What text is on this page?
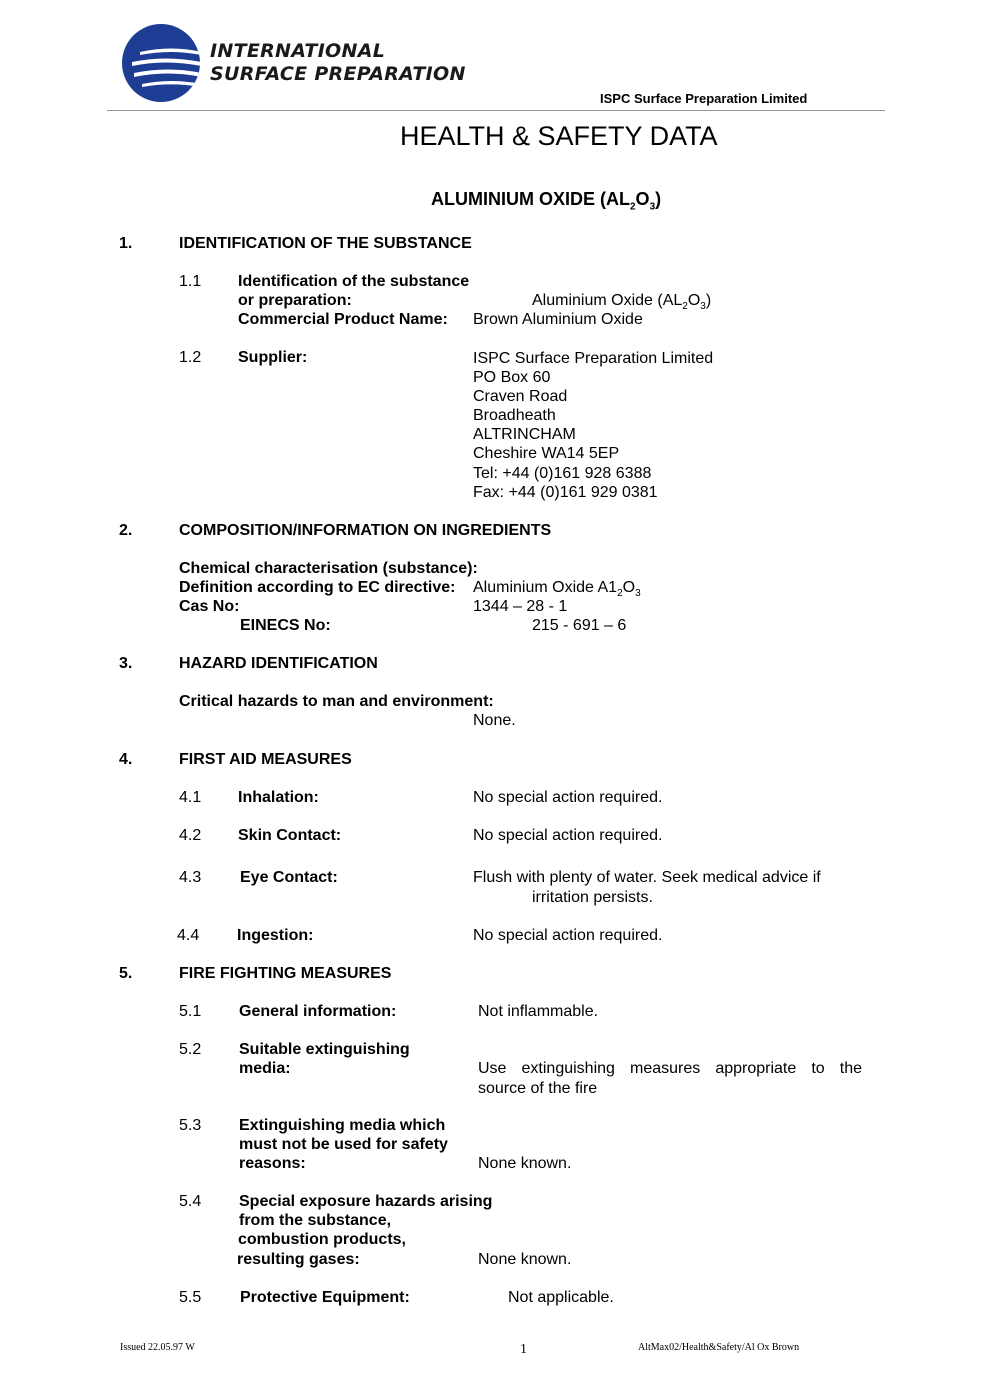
INTERNATIONAL
SURFACE PREPARATION
ISPC Surface Preparation Limited
HEALTH & SAFETY DATA
ALUMINIUM OXIDE $(AL_2O_3)$
1.	IDENTIFICATION OF THE SUBSTANCE
1.1 Identification of the substance
or preparation:	Aluminium Oxide $(AL_2O_3)$
Commercial Product Name: Brown Aluminium Oxide
1.2 Supplier:	ISPC Surface Preparation Limited
PO Box 60
Craven Road
Broadheath
ALTRINCHAM
Cheshire WA14 5EP
Tel: +44 (0)161 928 6388
Fax: +44 (0)161 929 0381
2.	COMPOSITION/INFORMATION ON INGREDIENTS
Chemical characterisation (substance):
Definition according to EC directive: Aluminium Oxide $A1_2O_3$
Cas No:	1344 – 28 - 1
EINECS No:	215 - 691 – 6
3.	HAZARD IDENTIFICATION
Critical hazards to man and environment:
None.
4.	FIRST AID MEASURES
4.1 Inhalation:	No special action required.
4.2 Skin Contact:	No special action required.
4.3 Eye Contact:	Flush with plenty of water. Seek medical advice if
irritation persists.
4.4 Ingestion:	No special action required.
5.	FIRE FIGHTING MEASURES
5.1 General information:	Not inflammable.
5.2 Suitable extinguishing
media:	Use extinguishing measures appropriate to the
source of the fire
5.3 Extinguishing media which
must not be used for safety
reasons:	None known.
5.4 Special exposure hazards arising
from the substance,
combustion products,
resulting gases:	None known.
5.5 Protective Equipment:	Not applicable.
Issued 22.05.97 W	1	AltMax02/Health&Safety/Al Ox Brown
